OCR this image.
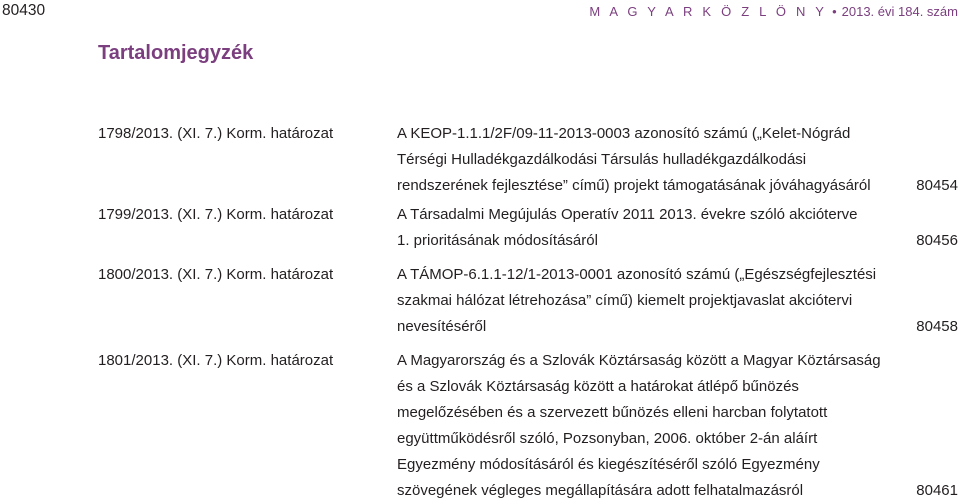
80430	M A G Y A R K Ö Z L Ö N Y • 2013. évi 184. szám
Tartalomjegyzék
1798/2013. (XI. 7.) Korm. határozat	A KEOP-1.1.1/2F/09-11-2013-0003 azonosító számú („Kelet-Nógrád
Térségi Hulladékgazdálkodási Társulás hulladékgazdálkodási
rendszerének fejlesztése” című) projekt támogatásának jóváhagyásáról	80454
1799/2013. (XI. 7.) Korm. határozat	A Társadalmi Megújulás Operatív 2011 2013. évekre szóló akcióterve
1. prioritásának módosításáról	80456
1800/2013. (XI. 7.) Korm. határozat	A TÁMOP-6.1.1-12/1-2013-0001 azonosító számú („Egészségfejlesztési
szakmai hálózat létrehozása” című) kiemelt projektjavaslat akciótervi
nevesítéséről	80458
1801/2013. (XI. 7.) Korm. határozat	A Magyarország és a Szlovák Köztársaság között a Magyar Köztársaság
és a Szlovák Köztársaság között a határokat átlépő bűnözés
megelőzésében és a szervezett bűnözés elleni harcban folytatott
együttműködésről szóló, Pozsonyban, 2006. október 2-án aláírt
Egyezmény módosításáról és kiegészítéséről szóló Egyezmény
szövegének végleges megállapítására adott felhatalmazásról	80461
